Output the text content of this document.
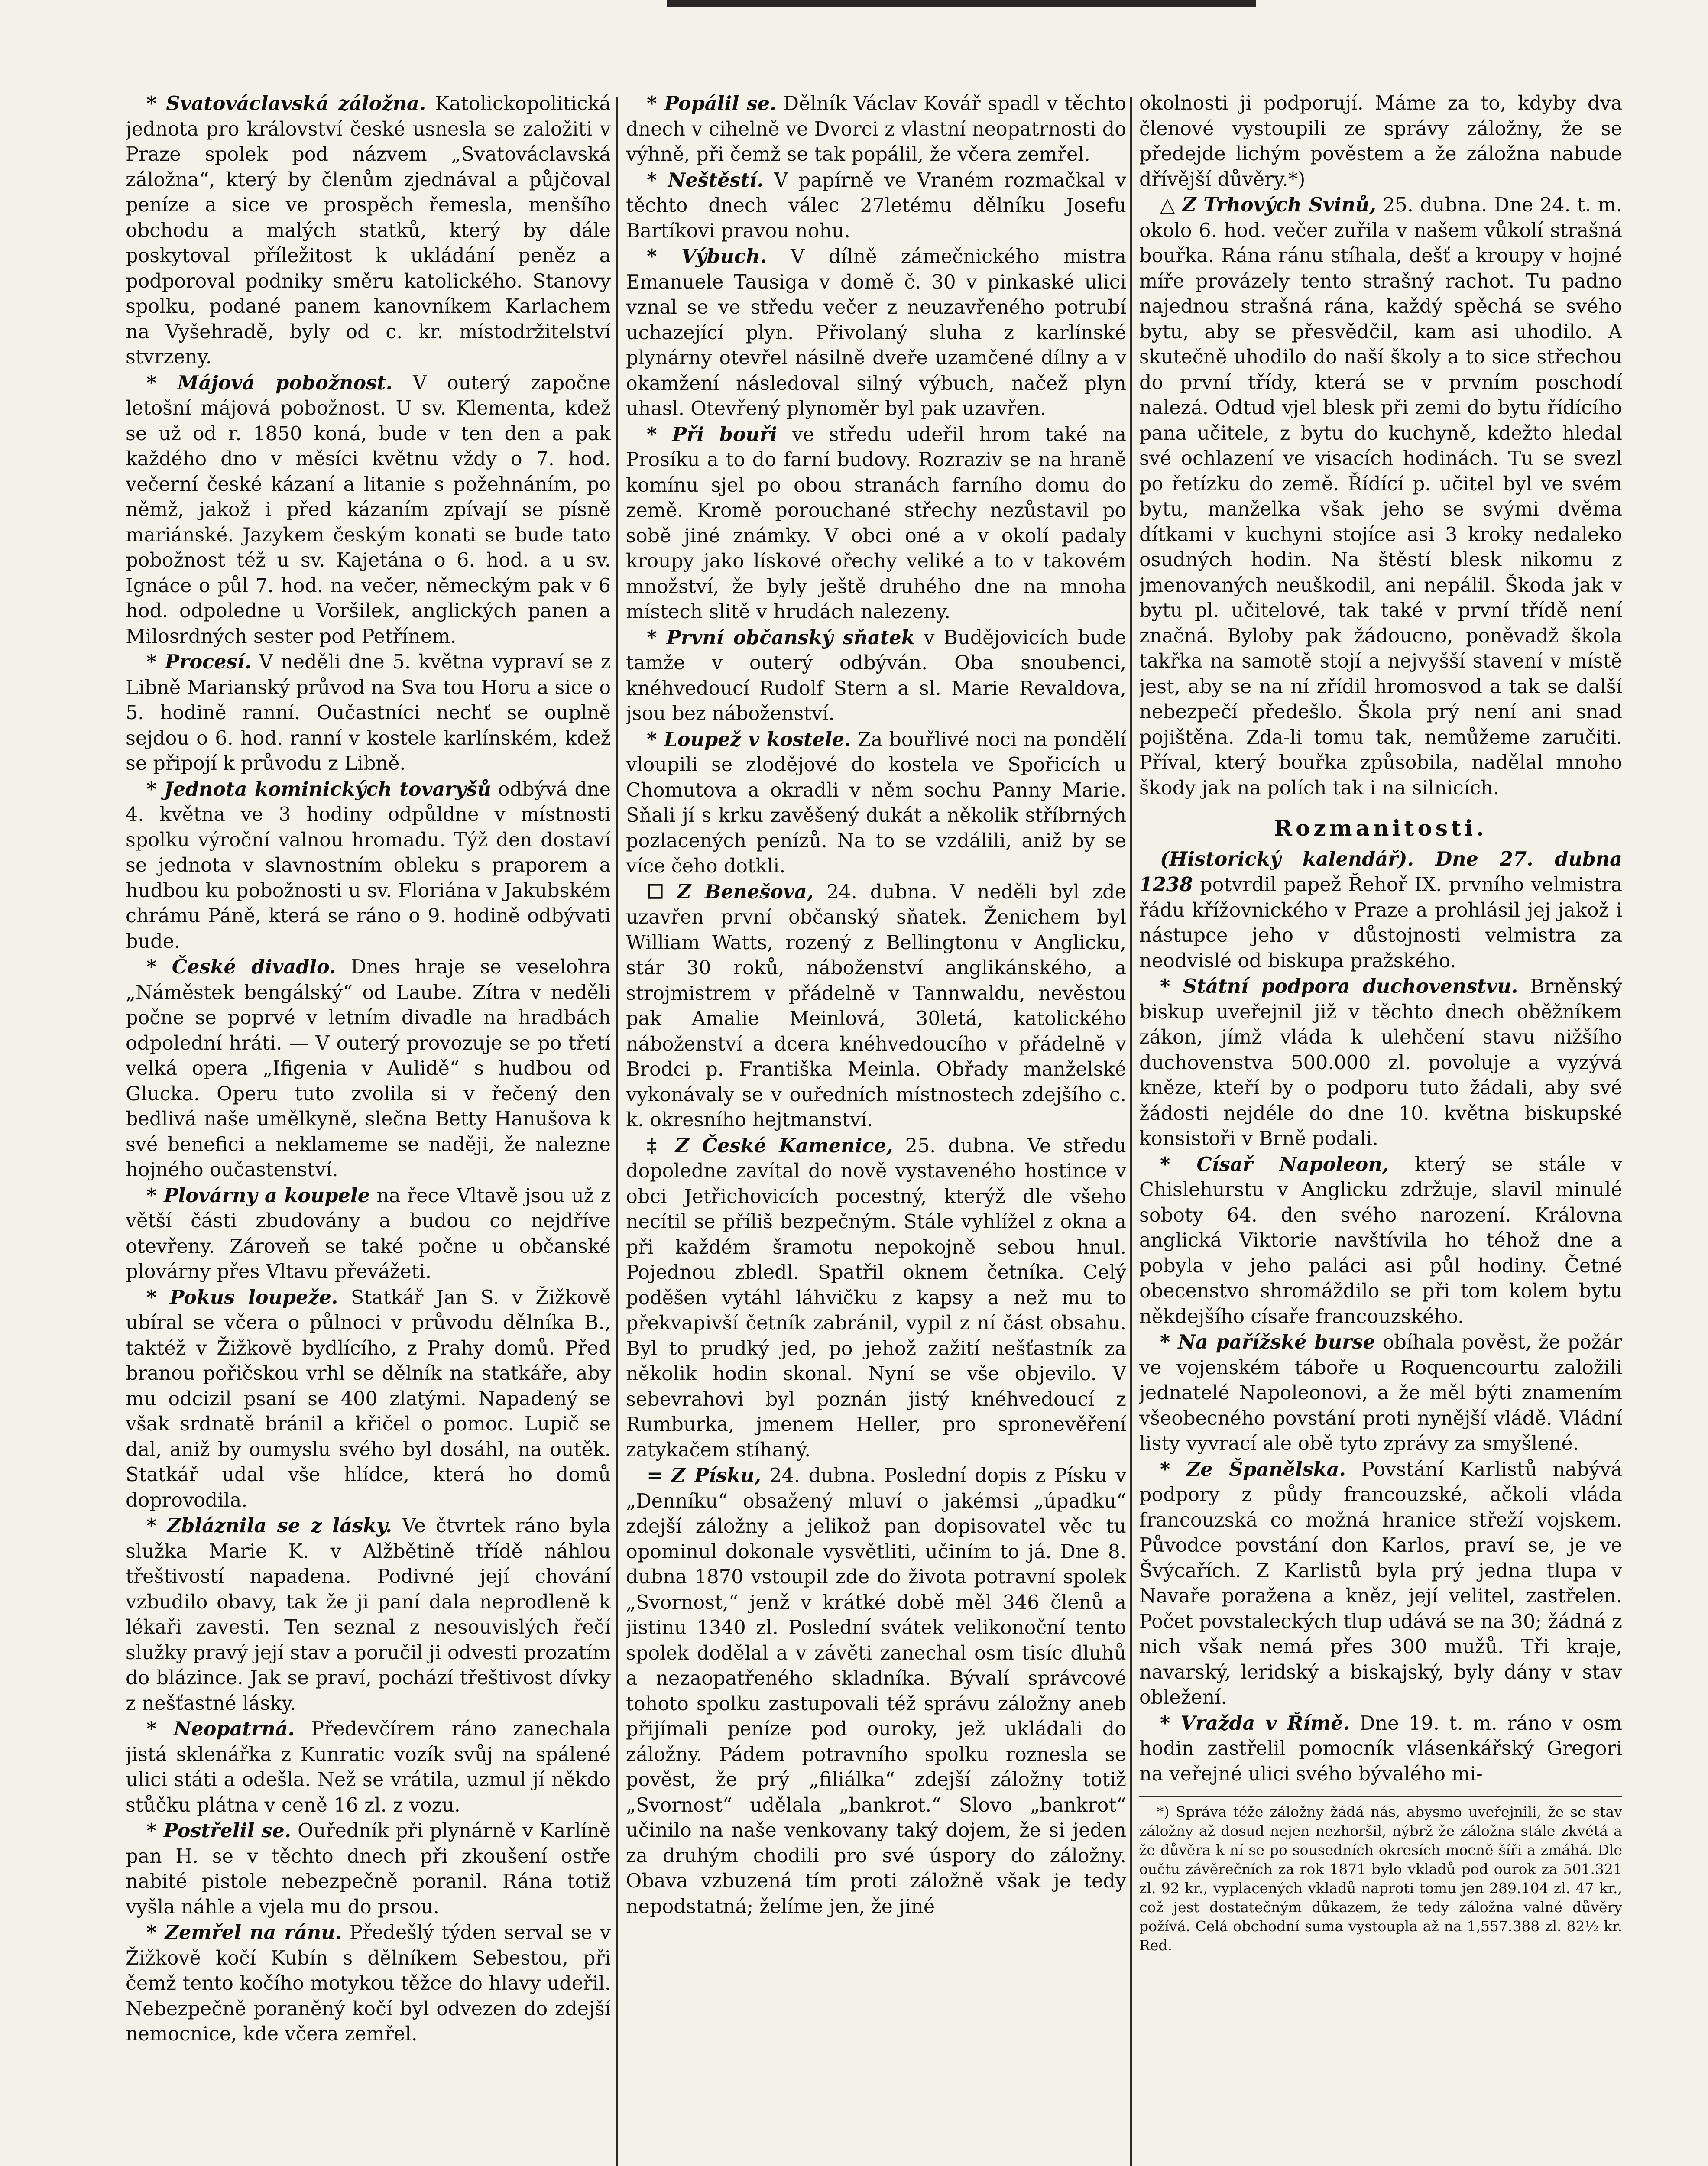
* Svatováclavská záložna. Katolickopolitická jednota pro království české usnesla se založiti v Praze spolek pod názvem „Svatováclavská záložna“, který by členům zjednával a půjčoval peníze a sice ve prospěch řemesla, menšího obchodu a malých statků, který by dále poskytoval příležitost k ukládání peněz a podporoval podniky směru katolického. Stanovy spolku, podané panem kanovníkem Karlachem na Vyšehradě, byly od c. kr. místodržitelství stvrzeny.

* Májová pobožnost. V outerý započne letošní májová pobožnost. U sv. Klementa, kdež se už od r. 1850 koná, bude v ten den a pak každého dno v měsíci květnu vždy o 7. hod. večerní české kázaní a litanie s požehnáním, po němž, jakož i před kázaním zpívají se písně mariánské. Jazykem českým konati se bude tato pobožnost též u sv. Kajetána o 6. hod. a u sv. Ignáce o půl 7. hod. na večer, německým pak v 6 hod. odpoledne u Voršilek, anglických panen a Milosrdných sester pod Petřínem.

* Procesí. V neděli dne 5. května vypraví se z Libně Marianský průvod na Sva tou Horu a sice o 5. hodině ranní. Oučastníci nechť se ouplně sejdou o 6. hod. ranní v kostele karlínském, kdež se připojí k průvodu z Libně.

* Jednota kominických tovaryšů odbývá dne 4. května ve 3 hodiny odpůldne v místnosti spolku výroční valnou hromadu. Týž den dostaví se jednota v slavnostním obleku s praporem a hudbou ku pobožnosti u sv. Floriána v Jakubském chrámu Páně, která se ráno o 9. hodině odbývati bude.

* České divadlo. Dnes hraje se veselohra „Náměstek bengálský“ od Laube. Zítra v neděli počne se poprvé v letním divadle na hradbách odpolední hráti. — V outerý provozuje se po třetí velká opera „Ifigenia v Aulidě“ s hudbou od Glucka. Operu tuto zvolila si v řečený den bedlivá naše umělkyně, slečna Betty Hanušova k své benefici a neklameme se naději, že nalezne hojného oučastenství.

* Plovárny a koupele na řece Vltavě jsou už z větší části zbudovány a budou co nejdříve otevřeny. Zároveň se také počne u občanské plovárny přes Vltavu převážeti.

* Pokus loupeže. Statkář Jan S. v Žižkově ubíral se včera o půlnoci v průvodu dělníka B., taktéž v Žižkově bydlícího, z Prahy domů. Před branou pořičskou vrhl se dělník na statkáře, aby mu odcizil psaní se 400 zlatými. Napadený se však srdnatě bránil a křičel o pomoc. Lupič se dal, aniž by oumyslu svého byl dosáhl, na outěk. Statkář udal vše hlídce, která ho domů doprovodila.

* Zbláznila se z lásky. Ve čtvrtek ráno byla služka Marie K. v Alžbětině třídě náhlou třeštivostí napadena. Podivné její chování vzbudilo obavy, tak že ji paní dala neprodleně k lékaři zavesti. Ten seznal z nesouvislých řečí služky pravý její stav a poručil ji odvesti prozatím do blázince. Jak se praví, pochází třeštivost dívky z nešťastné lásky.

* Neopatrná. Předevčírem ráno zanechala jistá sklenářka z Kunratic vozík svůj na spálené ulici státi a odešla. Než se vrátila, uzmul jí někdo stůčku plátna v ceně 16 zl. z vozu.

* Postřelil se. Ouředník při plynárně v Karlíně pan H. se v těchto dnech při zkoušení ostře nabité pistole nebezpečně poranil. Rána totiž vyšla náhle a vjela mu do prsou.

* Zemřel na ránu. Předešlý týden serval se v Žižkově kočí Kubín s dělníkem Sebestou, při čemž tento kočího motykou těžce do hlavy udeřil. Nebezpečně poraněný kočí byl odvezen do zdejší nemocnice, kde včera zemřel.

* Popálil se. Dělník Václav Kovář spadl v těchto dnech v cihelně ve Dvorci z vlastní neopatrnosti do výhně, při čemž se tak popálil, že včera zemřel.

* Neštěstí. V papírně ve Vraném rozmačkal v těchto dnech válec 27letému dělníku Josefu Bartíkovi pravou nohu.

* Výbuch. V dílně zámečnického mistra Emanuele Tausiga v domě č. 30 v pinkaské ulici vznal se ve středu večer z neuzavřeného potrubí uchazející plyn. Přivolaný sluha z karlínské plynárny otevřel násilně dveře uzamčené dílny a v okamžení následoval silný výbuch, načež plyn uhasl. Otevřený plynoměr byl pak uzavřen.

* Při bouři ve středu udeřil hrom také na Prosíku a to do farní budovy. Rozraziv se na hraně komínu sjel po obou stranách farního domu do země. Kromě porouchané střechy nezůstavil po sobě jiné známky. V obci oné a v okolí padaly kroupy jako lískové ořechy veliké a to v takovém množství, že byly ještě druhého dne na mnoha místech slitě v hrudách nalezeny.

* První občanský sňatek v Budějovicích bude tamže v outerý odbýván. Oba snoubenci, knéhvedoucí Rudolf Stern a sl. Marie Revaldova, jsou bez náboženství.

* Loupež v kostele. Za bouřlivé noci na pondělí vloupili se zlodějové do kostela ve Spořicích u Chomutova a okradli v něm sochu Panny Marie. Sňali jí s krku zavěšený dukát a několik stříbrných pozlacených penízů. Na to se vzdálili, aniž by se více čeho dotkli.

☐ Z Benešova, 24. dubna. V neděli byl zde uzavřen první občanský sňatek. Ženichem byl William Watts, rozený z Bellingtonu v Anglicku, stár 30 roků, náboženství anglikánského, a strojmistrem v přádelně v Tannwaldu, nevěstou pak Amalie Meinlová, 30letá, katolického náboženství a dcera knéhvedoucího v přádelně v Brodci p. Františka Meinla. Obřady manželské vykonávaly se v ouředních místnostech zdejšího c. k. okresního hejtmanství.

‡ Z České Kamenice, 25. dubna. Ve středu dopoledne zavítal do nově vystaveného hostince v obci Jetřichovicích pocestný, kterýž dle všeho necítil se příliš bezpečným. Stále vyhlížel z okna a při každém šramotu nepokojně sebou hnul. Pojednou zbledl. Spatřil oknem četníka. Celý poděšen vytáhl láhvičku z kapsy a než mu to překvapivší četník zabránil, vypil z ní část obsahu. Byl to prudký jed, po jehož zažití nešťastník za několik hodin skonal. Nyní se vše objevilo. V sebevrahovi byl poznán jistý knéhvedoucí z Rumburka, jmenem Heller, pro spronevěření zatykačem stíhaný.

= Z Písku, 24. dubna. Poslední dopis z Písku v „Denníku“ obsažený mluví o jakémsi „úpadku“ zdejší záložny a jelikož pan dopisovatel věc tu opominul dokonale vysvětliti, učiním to já. Dne 8. dubna 1870 vstoupil zde do života potravní spolek „Svornost,“ jenž v krátké době měl 346 členů a jistinu 1340 zl. Poslední svátek velikonoční tento spolek dodělal a v závěti zanechal osm tisíc dluhů a nezaopatřeného skladníka. Bývalí správcové tohoto spolku zastupovali též správu záložny aneb přijímali peníze pod ouroky, jež ukládali do záložny. Pádem potravního spolku roznesla se pověst, že prý „filiálka“ zdejší záložny totiž „Svornost“ udělala „bankrot.“ Slovo „bankrot“ učinilo na naše venkovany taký dojem, že si jeden za druhým chodili pro své úspory do záložny. Obava vzbuzená tím proti záložně však je tedy nepodstatná; želíme jen, že jiné

okolnosti ji podporují. Máme za to, kdyby dva členové vystoupili ze správy záložny, že se předejde lichým pověstem a že záložna nabude dřívější důvěry.*)

△ Z Trhových Svinů, 25. dubna. Dne 24. t. m. okolo 6. hod. večer zuřila v našem vůkolí strašná bouřka. Rána ránu stíhala, dešť a kroupy v hojné míře provázely tento strašný rachot. Tu padno najednou strašná rána, každý spěchá se svého bytu, aby se přesvědčil, kam asi uhodilo. A skutečně uhodilo do naší školy a to sice střechou do první třídy, která se v prvním poschodí nalezá. Odtud vjel blesk při zemi do bytu řídícího pana učitele, z bytu do kuchyně, kdežto hledal své ochlazení ve visacích hodinách. Tu se svezl po řetízku do země. Řídící p. učitel byl ve svém bytu, manželka však jeho se svými dvěma dítkami v kuchyni stojíce asi 3 kroky nedaleko osudných hodin. Na štěstí blesk nikomu z jmenovaných neuškodil, ani nepálil. Škoda jak v bytu pl. učitelové, tak také v první třídě není značná. Byloby pak žádoucno, poněvadž škola takřka na samotě stojí a nejvyšší stavení v místě jest, aby se na ní zřídil hromosvod a tak se další nebezpečí předešlo. Škola prý není ani snad pojištěna. Zda-li tomu tak, nemůžeme zaručiti. Příval, který bouřka způsobila, nadělal mnoho škody jak na polích tak i na silnicích.

Rozmanitosti.

(Historický kalendář). Dne 27. dubna 1238 potvrdil papež Řehoř IX. prvního velmistra řádu křížovnického v Praze a prohlásil jej jakož i nástupce jeho v důstojnosti velmistra za neodvislé od biskupa pražského.

* Státní podpora duchovenstvu. Brněnský biskup uveřejnil již v těchto dnech oběžníkem zákon, jímž vláda k ulehčení stavu nižšího duchovenstva 500.000 zl. povoluje a vyzývá kněze, kteří by o podporu tuto žádali, aby své žádosti nejdéle do dne 10. května biskupské konsistoři v Brně podali.

* Císař Napoleon, který se stále v Chislehurstu v Anglicku zdržuje, slavil minulé soboty 64. den svého narození. Královna anglická Viktorie navštívila ho téhož dne a pobyla v jeho paláci asi půl hodiny. Četné obecenstvo shromáždilo se při tom kolem bytu někdejšího císaře francouzského.

* Na pařížské burse obíhala pověst, že požár ve vojenském táboře u Roquencourtu založili jednatelé Napoleonovi, a že měl býti znamením všeobecného povstání proti nynější vládě. Vládní listy vyvrací ale obě tyto zprávy za smyšlené.

* Ze Španělska. Povstání Karlistů nabývá podpory z půdy francouzské, ačkoli vláda francouzská co možná hranice střeží vojskem. Původce povstání don Karlos, praví se, je ve Švýcařích. Z Karlistů byla prý jedna tlupa v Navaře poražena a kněz, její velitel, zastřelen. Počet povstaleckých tlup udává se na 30; žádná z nich však nemá přes 300 mužů. Tři kraje, navarský, leridský a biskajský, byly dány v stav obležení.

* Vražda v Římě. Dne 19. t. m. ráno v osm hodin zastřelil pomocník vlásenkářský Gregori na veřejné ulici svého bývalého mi-

*) Správa téže záložny žádá nás, abysmo uveřejnili, že se stav záložny až dosud nejen nezhoršil, nýbrž že záložna stále zkvétá a že důvěra k ní se po sousedních okresích mocně šíři a zmáhá. Dle oučtu závěrečních za rok 1871 bylo vkladů pod ourok za 501.321 zl. 92 kr., vyplacených vkladů naproti tomu jen 289.104 zl. 47 kr., což jest dostatečným důkazem, že tedy záložna valné důvěry požívá. Celá obchodní suma vystoupla až na 1,557.388 zl. 82½ kr. Red.
